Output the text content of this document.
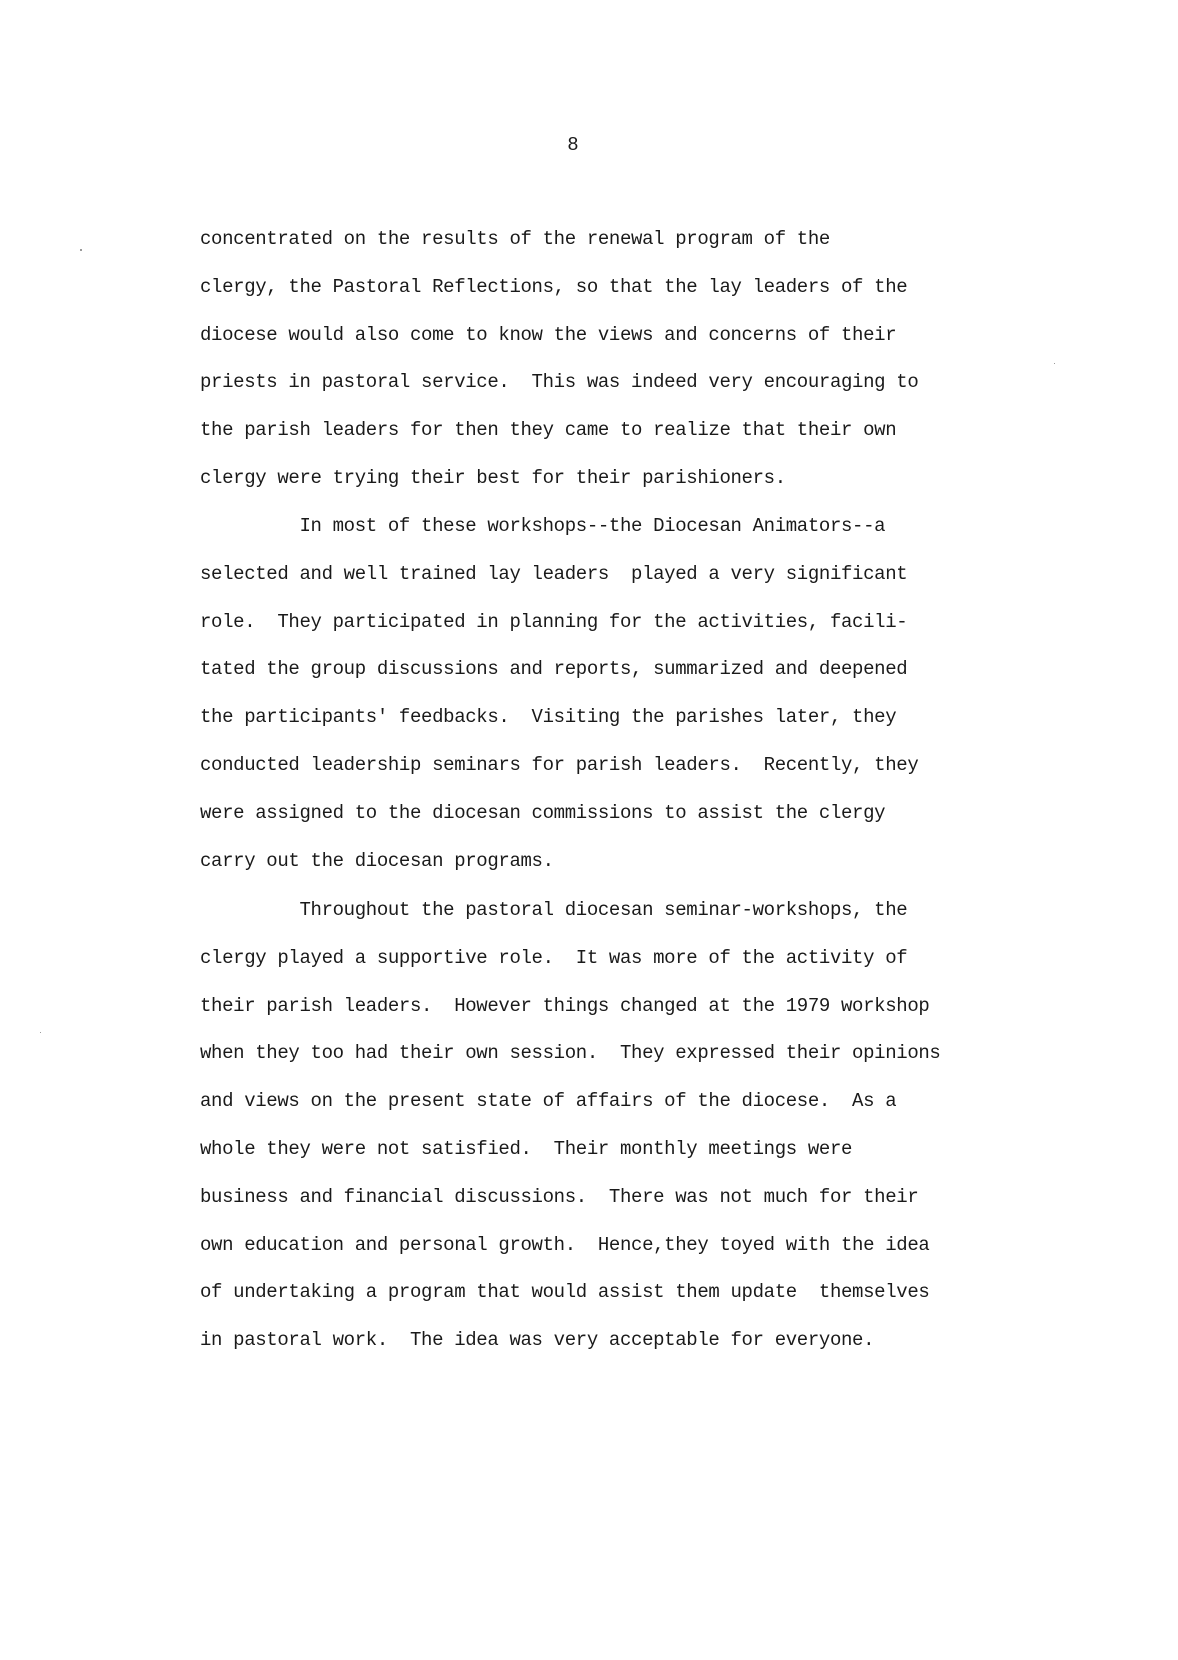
8
concentrated on the results of the renewal program of the
clergy, the Pastoral Reflections, so that the lay leaders of the
diocese would also come to know the views and concerns of their
priests in pastoral service.  This was indeed very encouraging to
the parish leaders for then they came to realize that their own
clergy were trying their best for their parishioners.
In most of these workshops--the Diocesan Animators--a
selected and well trained lay leaders  played a very significant
role.  They participated in planning for the activities, facili-
tated the group discussions and reports, summarized and deepened
the participants' feedbacks.  Visiting the parishes later, they
conducted leadership seminars for parish leaders.  Recently, they
were assigned to the diocesan commissions to assist the clergy
carry out the diocesan programs.
Throughout the pastoral diocesan seminar-workshops, the
clergy played a supportive role.  It was more of the activity of
their parish leaders.  However things changed at the 1979 workshop
when they too had their own session.  They expressed their opinions
and views on the present state of affairs of the diocese.  As a
whole they were not satisfied.  Their monthly meetings were
business and financial discussions.  There was not much for their
own education and personal growth.  Hence,they toyed with the idea
of undertaking a program that would assist them update  themselves
in pastoral work.  The idea was very acceptable for everyone.
